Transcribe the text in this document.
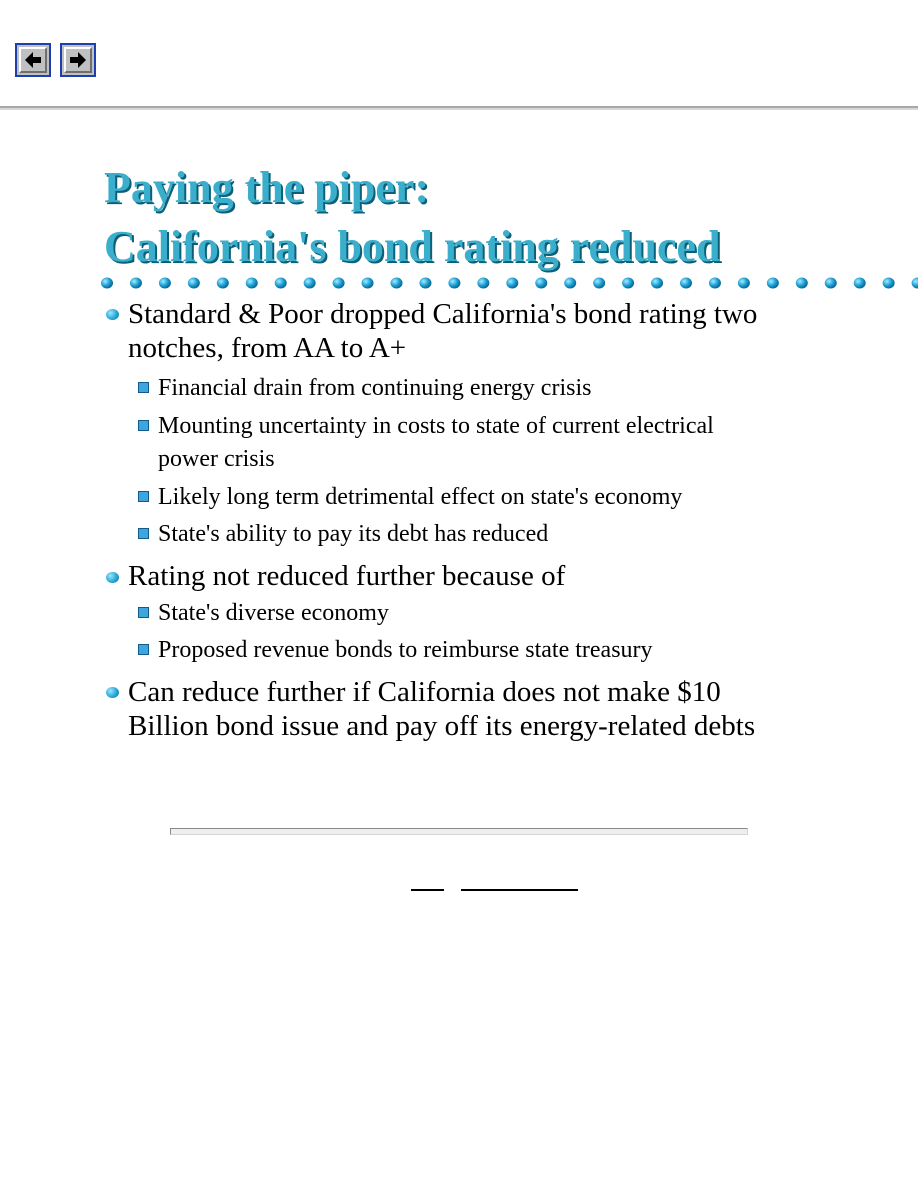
Paying the piper:
California's bond rating reduced
Standard & Poor dropped California's bond rating two
notches, from AA to A+
Financial drain from continuing energy crisis
Mounting uncertainty in costs to state of current electrical
power crisis
Likely long term detrimental effect on state's economy
State's ability to pay its debt has reduced
Rating not reduced further because of
State's diverse economy
Proposed revenue bonds to reimburse state treasury
Can reduce further if California does not make $10
Billion bond issue and pay off its energy-related debts
